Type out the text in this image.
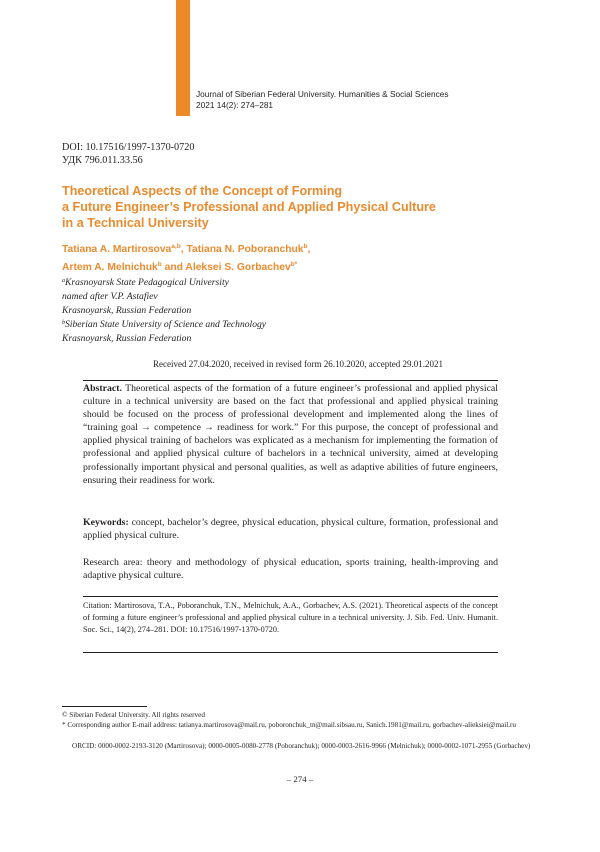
Journal of Siberian Federal University. Humanities & Social Sciences
2021 14(2): 274–281
DOI: 10.17516/1997-1370-0720
УДК 796.011.33.56
Theoretical Aspects of the Concept of Forming
a Future Engineer’s Professional and Applied Physical Culture
in a Technical University
Tatiana A. Martirosova$^{a,b}$, Tatiana N. Poboranchuk$^b$,
Artem A. Melnichuk$^b$ and Aleksei S. Gorbachev$^{b*}$
$^a$Krasnoyarsk State Pedagogical University
named after V.P. Astafiev
Krasnoyarsk, Russian Federation
$^b$Siberian State University of Science and Technology
Krasnoyarsk, Russian Federation
Received 27.04.2020, received in revised form 26.10.2020, accepted 29.01.2021
Abstract. Theoretical aspects of the formation of a future engineer’s professional and applied physical culture in a technical university are based on the fact that professional and applied physical training should be focused on the process of professional development and implemented along the lines of “training goal → competence → readiness for work.” For this purpose, the concept of professional and applied physical training of bachelors was explicated as a mechanism for implementing the formation of professional and applied physical culture of bachelors in a technical university, aimed at developing professionally important physical and personal qualities, as well as adaptive abilities of future engineers, ensuring their readiness for work.
Keywords: concept, bachelor’s degree, physical education, physical culture, formation, professional and applied physical culture.
Research area: theory and methodology of physical education, sports training, health-improving and adaptive physical culture.
Citation: Martirosova, T.A., Poboranchuk, T.N., Melnichuk, A.A., Gorbachev, A.S. (2021). Theoretical aspects of the concept of forming a future engineer’s professional and applied physical culture in a technical university. J. Sib. Fed. Univ. Humanit. Soc. Sci., 14(2), 274–281. DOI: 10.17516/1997-1370-0720.
© Siberian Federal University. All rights reserved
* Corresponding author E-mail address: tatianya.martirosova@mail.ru, poboronchuk_tn@mail.sibsau.ru, Sanich.1981@mail.ru, gorbachev-alieksiei@mail.ru
ORCID: 0000-0002-2193-3120 (Martirosova); 0000-0005-0080-2778 (Poboranchuk); 0000-0003-2616-9966 (Melnichuk); 0000-0002-1071-2955 (Gorbachev)
– 274 –
